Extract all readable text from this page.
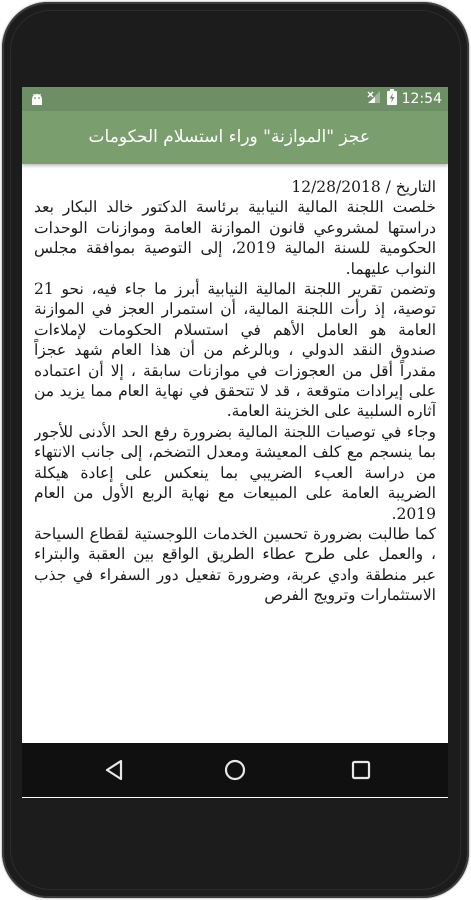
12:54
عجز "الموازنة" وراء استسلام الحكومات

التاريخ / 12/28/2018

خلصت اللجنة المالية النيابية برئاسة الدكتور خالد البكار بعد دراستها لمشروعي قانون الموازنة العامة وموازنات الوحدات الحكومية للسنة المالية 2019، إلى التوصية بموافقة مجلس النواب عليهما.

وتضمن تقرير اللجنة المالية النيابية أبرز ما جاء فيه، نحو 21 توصية، إذ رأت اللجنة المالية، أن استمرار العجز في الموازنة العامة هو العامل الأهم في استسلام الحكومات لإملاءات صندوق النقد الدولي ، وبالرغم من أن هذا العام شهد عجزاً مقدراً أقل من العجوزات في موازنات سابقة ، إلا أن اعتماده على إيرادات متوقعة ، قد لا تتحقق في نهاية العام مما يزيد من آثاره السلبية على الخزينة العامة.

وجاء في توصيات اللجنة المالية بضرورة رفع الحد الأدنى للأجور بما ينسجم مع كلف المعيشة ومعدل التضخم، إلى جانب الانتهاء من دراسة العبء الضريبي بما ينعكس على إعادة هيكلة الضريبة العامة على المبيعات مع نهاية الربع الأول من العام 2019.

كما طالبت بضرورة تحسين الخدمات اللوجستية لقطاع السياحة ، والعمل على طرح عطاء الطريق الواقع بين العقبة والبتراء عبر منطقة وادي عربة، وضرورة تفعيل دور السفراء في جذب الاستثمارات وترويج الفرص
